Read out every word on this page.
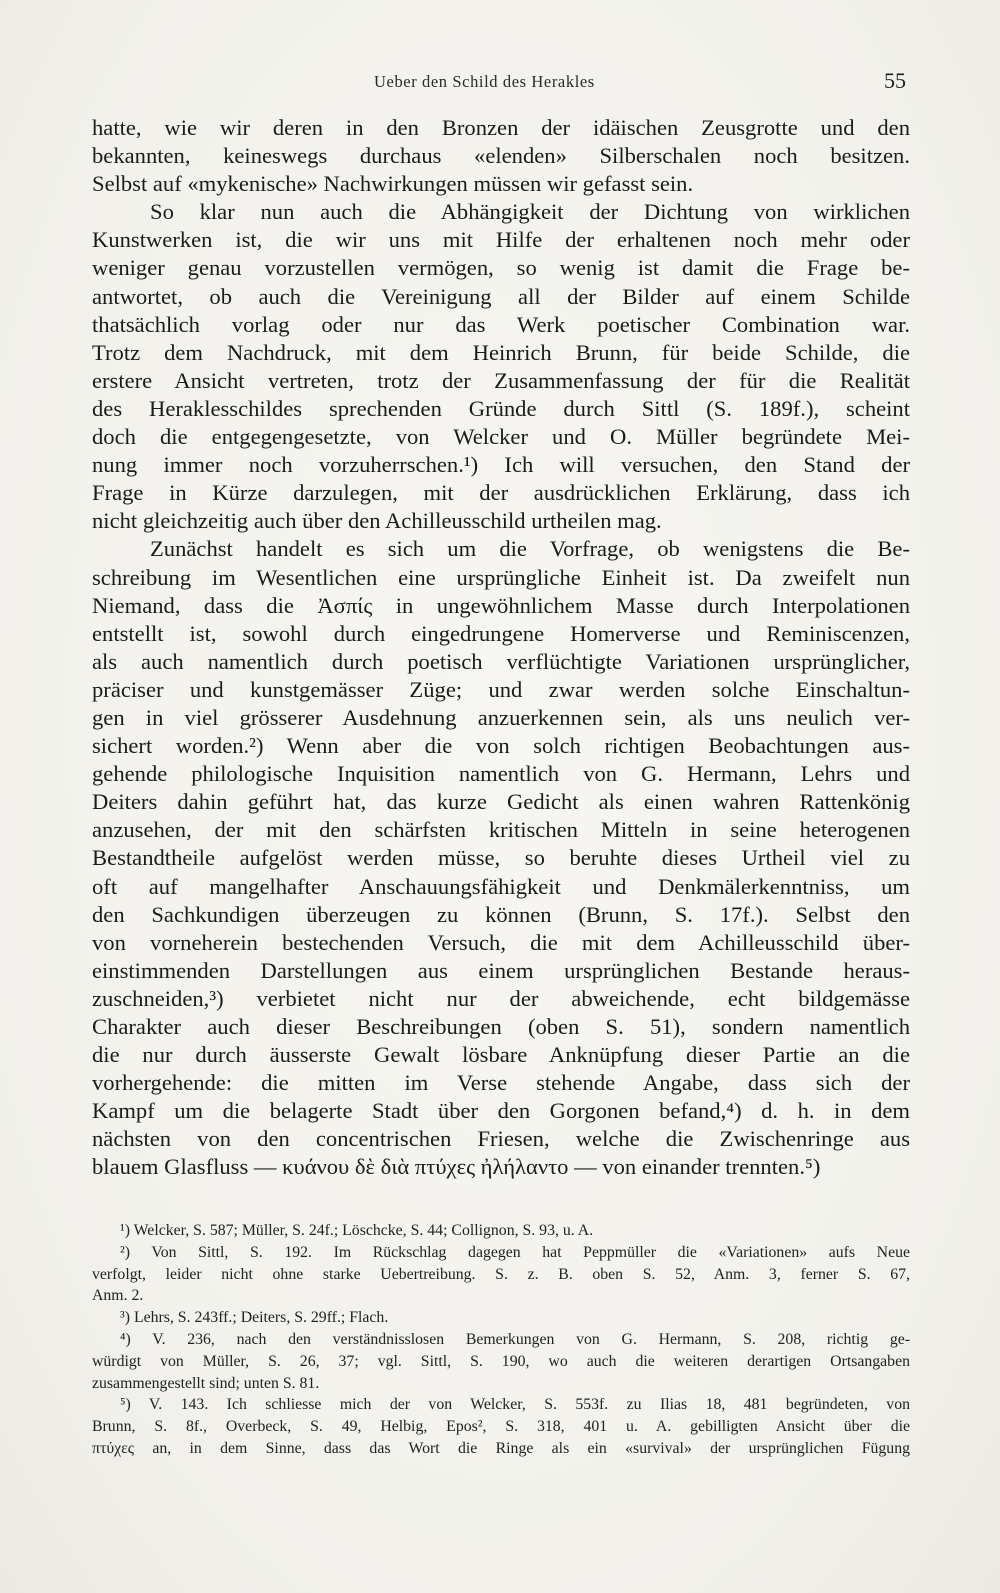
Ueber den Schild des Herakles	55
hatte, wie wir deren in den Bronzen der idäischen Zeusgrotte und den
bekannten, keineswegs durchaus «elenden» Silberschalen noch besitzen.
Selbst auf «mykenische» Nachwirkungen müssen wir gefasst sein.
So klar nun auch die Abhängigkeit der Dichtung von wirklichen
Kunstwerken ist, die wir uns mit Hilfe der erhaltenen noch mehr oder
weniger genau vorzustellen vermögen, so wenig ist damit die Frage be-
antwortet, ob auch die Vereinigung all der Bilder auf einem Schilde
thatsächlich vorlag oder nur das Werk poetischer Combination war.
Trotz dem Nachdruck, mit dem Heinrich Brunn, für beide Schilde, die
erstere Ansicht vertreten, trotz der Zusammenfassung der für die Realität
des Heraklesschildes sprechenden Gründe durch Sittl (S. 189f.), scheint
doch die entgegengesetzte, von Welcker und O. Müller begründete Mei-
nung immer noch vorzuherrschen.¹) Ich will versuchen, den Stand der
Frage in Kürze darzulegen, mit der ausdrücklichen Erklärung, dass ich
nicht gleichzeitig auch über den Achilleusschild urtheilen mag.
Zunächst handelt es sich um die Vorfrage, ob wenigstens die Be-
schreibung im Wesentlichen eine ursprüngliche Einheit ist. Da zweifelt nun
Niemand, dass die Ἀσπίς in ungewöhnlichem Masse durch Interpolationen
entstellt ist, sowohl durch eingedrungene Homerverse und Reminiscenzen,
als auch namentlich durch poetisch verflüchtigte Variationen ursprünglicher,
präciser und kunstgemässer Züge; und zwar werden solche Einschaltun-
gen in viel grösserer Ausdehnung anzuerkennen sein, als uns neulich ver-
sichert worden.²) Wenn aber die von solch richtigen Beobachtungen aus-
gehende philologische Inquisition namentlich von G. Hermann, Lehrs und
Deiters dahin geführt hat, das kurze Gedicht als einen wahren Rattenkönig
anzusehen, der mit den schärfsten kritischen Mitteln in seine heterogenen
Bestandtheile aufgelöst werden müsse, so beruhte dieses Urtheil viel zu
oft auf mangelhafter Anschauungsfähigkeit und Denkmälerkenntniss, um
den Sachkundigen überzeugen zu können (Brunn, S. 17f.). Selbst den
von vorneherein bestechenden Versuch, die mit dem Achilleusschild über-
einstimmenden Darstellungen aus einem ursprünglichen Bestande heraus-
zuschneiden,³) verbietet nicht nur der abweichende, echt bildgemässe
Charakter auch dieser Beschreibungen (oben S. 51), sondern namentlich
die nur durch äusserste Gewalt lösbare Anknüpfung dieser Partie an die
vorhergehende: die mitten im Verse stehende Angabe, dass sich der
Kampf um die belagerte Stadt über den Gorgonen befand,⁴) d. h. in dem
nächsten von den concentrischen Friesen, welche die Zwischenringe aus
blauem Glasfluss — κυάνου δὲ διὰ πτύχες ἠλήλαντο — von einander trennten.⁵)
¹) Welcker, S. 587; Müller, S. 24f.; Löschcke, S. 44; Collignon, S. 93, u. A.
²) Von Sittl, S. 192. Im Rückschlag dagegen hat Peppmüller die «Variationen» aufs Neue
verfolgt, leider nicht ohne starke Uebertreibung. S. z. B. oben S. 52, Anm. 3, ferner S. 67,
Anm. 2.
³) Lehrs, S. 243ff.; Deiters, S. 29ff.; Flach.
⁴) V. 236, nach den verständnisslosen Bemerkungen von G. Hermann, S. 208, richtig ge-
würdigt von Müller, S. 26, 37; vgl. Sittl, S. 190, wo auch die weiteren derartigen Ortsangaben
zusammengestellt sind; unten S. 81.
⁵) V. 143. Ich schliesse mich der von Welcker, S. 553f. zu Ilias 18, 481 begründeten, von
Brunn, S. 8f., Overbeck, S. 49, Helbig, Epos², S. 318, 401 u. A. gebilligten Ansicht über die
πτύχες an, in dem Sinne, dass das Wort die Ringe als ein «survival» der ursprünglichen Fügung
